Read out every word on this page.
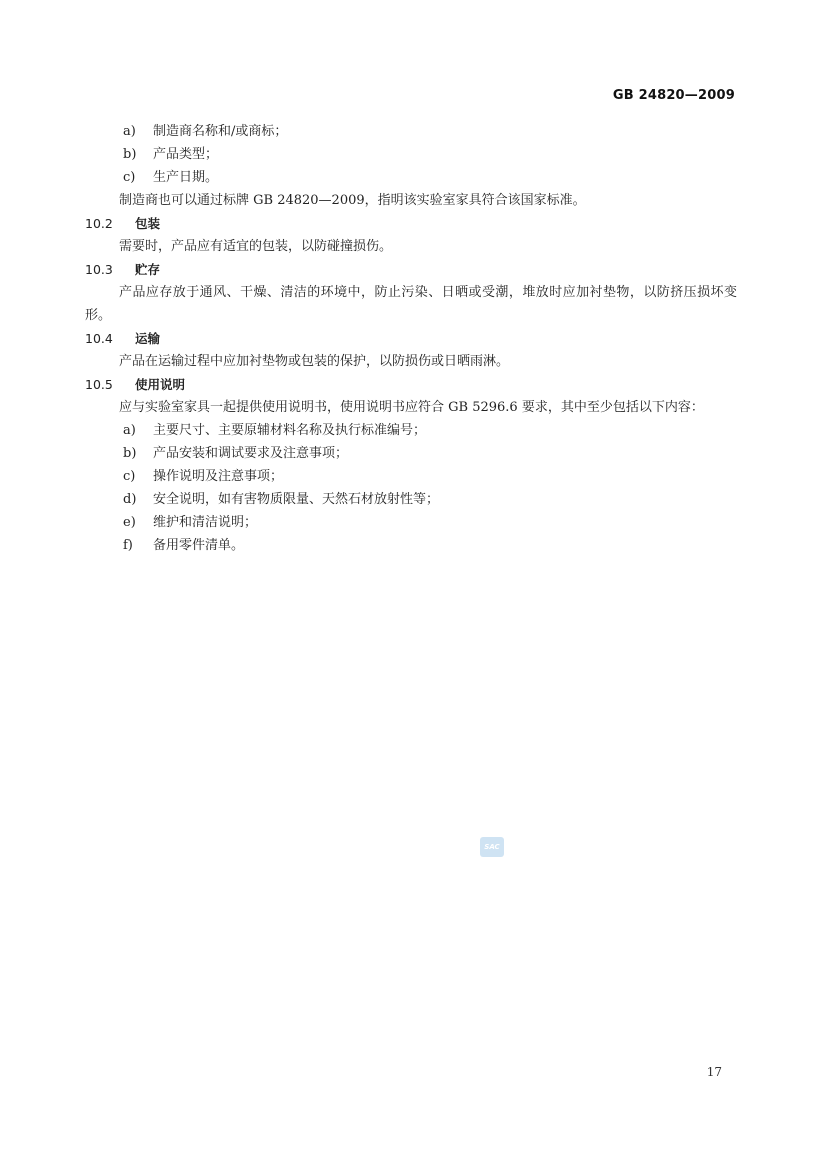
GB 24820—2009
a)	制造商名称和/或商标；
b)	产品类型；
c)	生产日期。
制造商也可以通过标牌 GB 24820—2009，指明该实验室家具符合该国家标准。
10.2	包装
需要时，产品应有适宜的包装，以防碰撞损伤。
10.3	贮存
产品应存放于通风、干燥、清洁的环境中，防止污染、日晒或受潮，堆放时应加衬垫物，以防挤压损坏变形。
10.4	运输
产品在运输过程中应加衬垫物或包装的保护，以防损伤或日晒雨淋。
10.5	使用说明
应与实验室家具一起提供使用说明书，使用说明书应符合 GB 5296.6 要求，其中至少包括以下内容：
a)	主要尺寸、主要原辅材料名称及执行标准编号；
b)	产品安装和调试要求及注意事项；
c)	操作说明及注意事项；
d)	安全说明，如有害物质限量、天然石材放射性等；
e)	维护和清洁说明；
f)	备用零件清单。
SAC
17
